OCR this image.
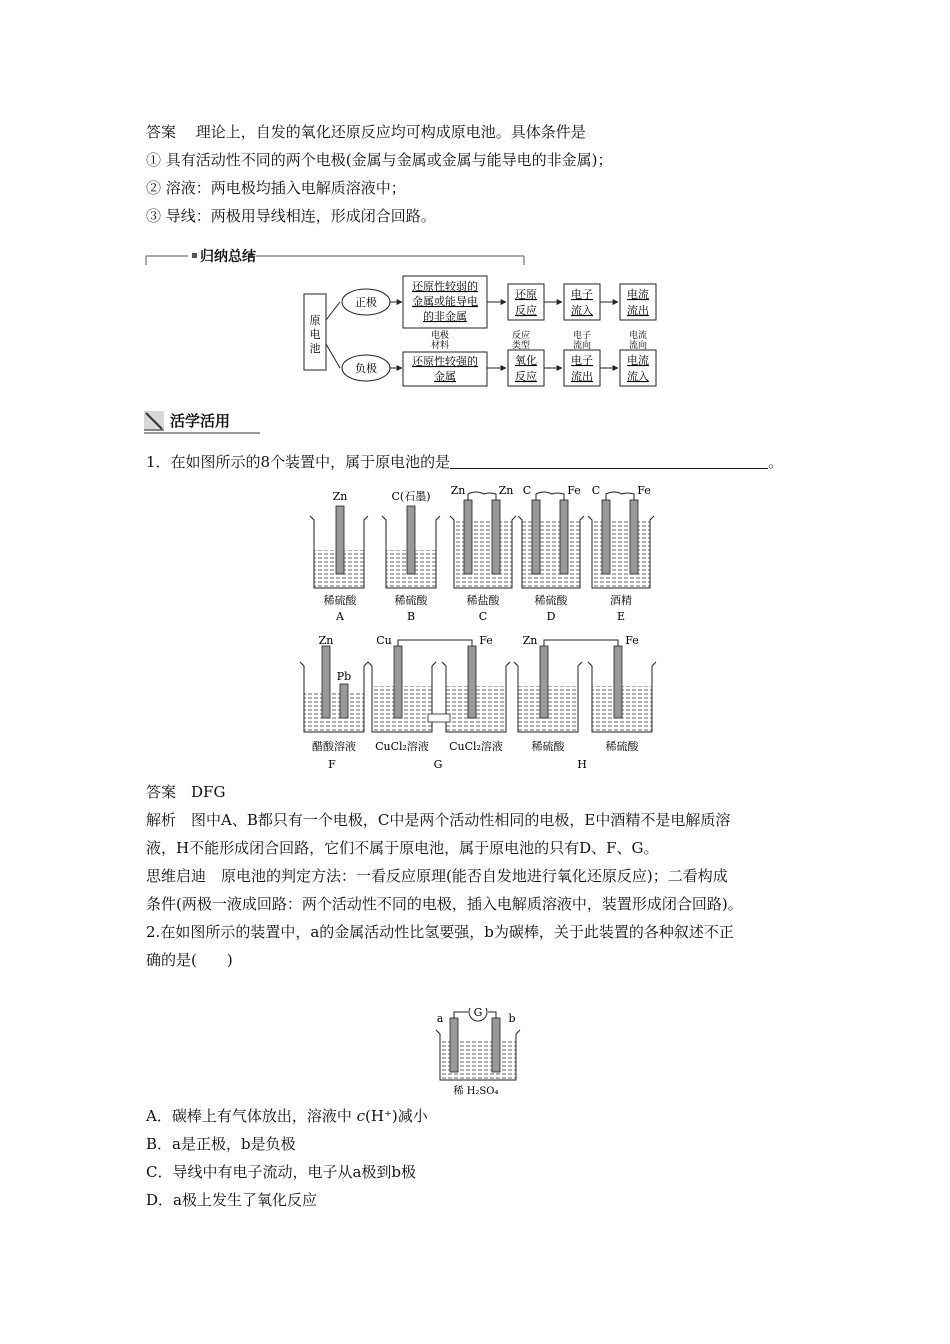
答案　 理论上，自发的氧化还原反应均可构成原电池。具体条件是
① 具有活动性不同的两个电极(金属与金属或金属与能导电的非金属)；
② 溶液：两电极均插入电解质溶液中；
③ 导线：两极用导线相连，形成闭合回路。
归纳总结
原
电
池
正极
负极
还原性较弱的
金属或能导电
的非金属
还原
反应
电子
流入
电流
流出
还原性较强的
金属
氧化
反应
电子
流出
电流
流入
电极
材料
反应
类型
电子
流向
电流
流向
活学活用
1．在如图所示的8个装置中，属于原电池的是	。
Zn
稀硫酸
A
C(石墨)
稀硫酸
B
Zn	Zn
稀盐酸
C
C	Fe
稀硫酸
D
C	Fe
酒精
E
Zn
Pb
醋酸溶液
F
Cu	Fe
CuCl₂溶液 CuCl₂溶液
G
Zn	Fe
稀硫酸	稀硫酸
H
答案　 DFG
解析　 图中A、B都只有一个电极，C中是两个活动性相同的电极，E中酒精不是电解质溶
液，H不能形成闭合回路，它们不属于原电池，属于原电池的只有D、F、G。
思维启迪　 原电池的判定方法：一看反应原理(能否自发地进行氧化还原反应)；二看构成
条件(两极一液成回路：两个活动性不同的电极，插入电解质溶液中，装置形成闭合回路)。
2.在如图所示的装置中，a的金属活动性比氢要强，b为碳棒，关于此装置的各种叙述不正
确的是(　　)
G
a	b
稀 H₂SO₄
A．碳棒上有气体放出，溶液中 c(H⁺)减小
B．a是正极，b是负极
C．导线中有电子流动，电子从a极到b极
D．a极上发生了氧化反应
